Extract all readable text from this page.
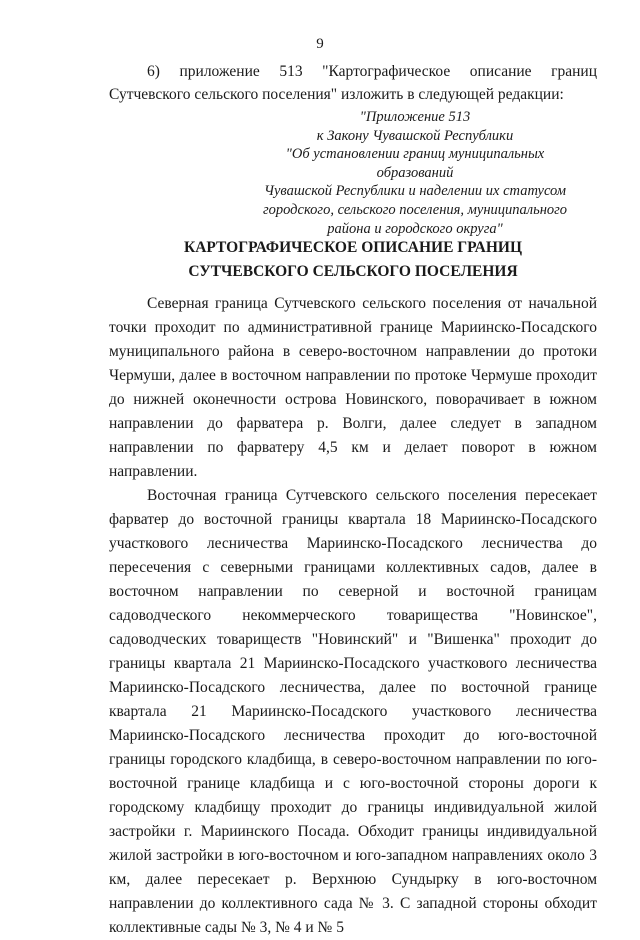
9
6) приложение 513 "Картографическое описание границ Сутчевского сельского поселения" изложить в следующей редакции:
"Приложение 513
к Закону Чувашской Республики
"Об установлении границ муниципальных образований
Чувашской Республики и наделении их статусом
городского, сельского поселения, муниципального
района и городского округа"
КАРТОГРАФИЧЕСКОЕ ОПИСАНИЕ ГРАНИЦ
СУТЧЕВСКОГО СЕЛЬСКОГО ПОСЕЛЕНИЯ

Северная граница Сутчевского сельского поселения от начальной точки проходит по административной границе Мариинско-Посадского муниципального района в северо-восточном направлении до протоки Чермуши, далее в восточном направлении по протоке Чермуше проходит до нижней оконечности острова Новинского, поворачивает в южном направлении до фарватера р. Волги, далее следует в западном направлении по фарватеру 4,5 км и делает поворот в южном направлении.

Восточная граница Сутчевского сельского поселения пересекает фарватер до восточной границы квартала 18 Мариинско-Посадского участкового лесничества Мариинско-Посадского лесничества до пересечения с северными границами коллективных садов, далее в восточном направлении по северной и восточной границам садоводческого некоммерческого товарищества "Новинское", садоводческих товариществ "Новинский" и "Вишенка" проходит до границы квартала 21 Мариинско-Посадского участкового лесничества Мариинско-Посадского лесничества, далее по восточной границе квартала 21 Мариинско-Посадского участкового лесничества Мариинско-Посадского лесничества проходит до юго-восточной границы городского кладбища, в северо-восточном направлении по юго-восточной границе кладбища и с юго-восточной стороны дороги к городскому кладбищу проходит до границы индивидуальной жилой застройки г. Мариинского Посада. Обходит границы индивидуальной жилой застройки в юго-восточном и юго-западном направлениях около 3 км, далее пересекает р. Верхнюю Сундырку в юго-восточном направлении до коллективного сада № 3. С западной стороны обходит коллективные сады № 3, № 4 и № 5
